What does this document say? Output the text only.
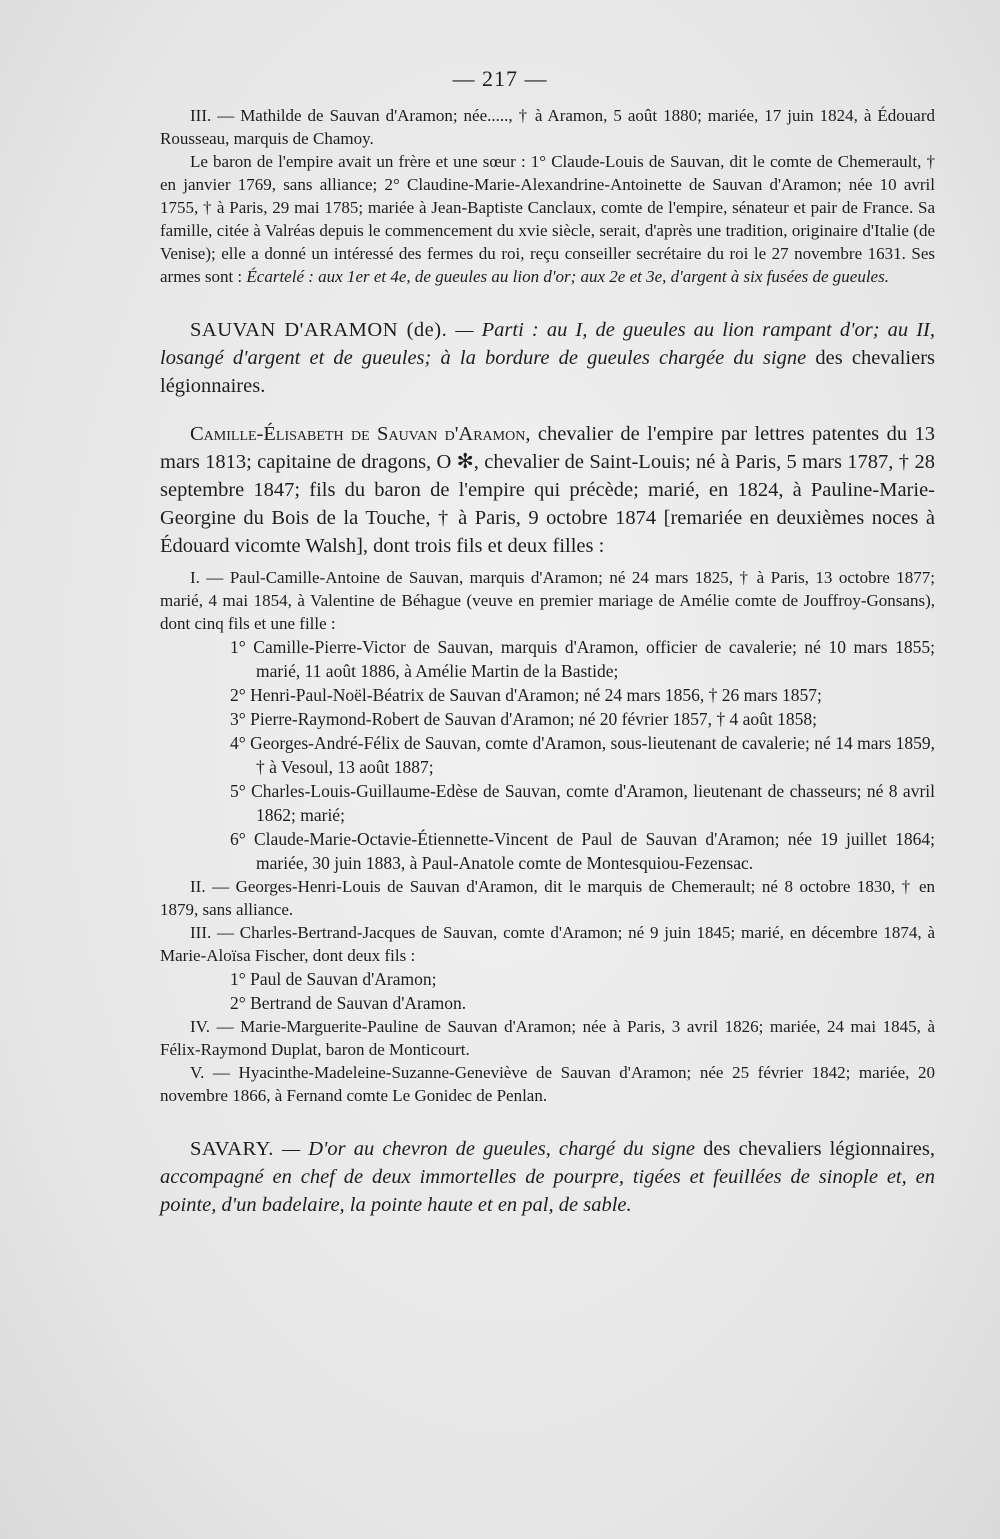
— 217 —

III. — Mathilde de Sauvan d'Aramon; née....., † à Aramon, 5 août 1880; mariée, 17 juin 1824, à Édouard Rousseau, marquis de Chamoy.

Le baron de l'empire avait un frère et une sœur : 1° Claude-Louis de Sauvan, dit le comte de Chemerault, † en janvier 1769, sans alliance; 2° Claudine-Marie-Alexandrine-Antoinette de Sauvan d'Aramon; née 10 avril 1755, † à Paris, 29 mai 1785; mariée à Jean-Baptiste Canclaux, comte de l'empire, sénateur et pair de France. Sa famille, citée à Valréas depuis le commencement du xvie siècle, serait, d'après une tradition, originaire d'Italie (de Venise); elle a donné un intéressé des fermes du roi, reçu conseiller secrétaire du roi le 27 novembre 1631. Ses armes sont : Écartelé : aux 1er et 4e, de gueules au lion d'or; aux 2e et 3e, d'argent à six fusées de gueules.

SAUVAN D'ARAMON (de). — Parti : au I, de gueules au lion rampant d'or; au II, losangé d'argent et de gueules; à la bordure de gueules chargée du signe des chevaliers légionnaires.

Camille-Élisabeth de Sauvan d'Aramon, chevalier de l'empire par lettres patentes du 13 mars 1813; capitaine de dragons, O ✻, chevalier de Saint-Louis; né à Paris, 5 mars 1787, † 28 septembre 1847; fils du baron de l'empire qui précède; marié, en 1824, à Pauline-Marie-Georgine du Bois de la Touche, † à Paris, 9 octobre 1874 [remariée en deuxièmes noces à Édouard vicomte Walsh], dont trois fils et deux filles :

I. — Paul-Camille-Antoine de Sauvan, marquis d'Aramon; né 24 mars 1825, † à Paris, 13 octobre 1877; marié, 4 mai 1854, à Valentine de Béhague (veuve en premier mariage de Amélie comte de Jouffroy-Gonsans), dont cinq fils et une fille :

1° Camille-Pierre-Victor de Sauvan, marquis d'Aramon, officier de cavalerie; né 10 mars 1855; marié, 11 août 1886, à Amélie Martin de la Bastide;

2° Henri-Paul-Noël-Béatrix de Sauvan d'Aramon; né 24 mars 1856, † 26 mars 1857;

3° Pierre-Raymond-Robert de Sauvan d'Aramon; né 20 février 1857, † 4 août 1858;

4° Georges-André-Félix de Sauvan, comte d'Aramon, sous-lieutenant de cavalerie; né 14 mars 1859, † à Vesoul, 13 août 1887;

5° Charles-Louis-Guillaume-Edèse de Sauvan, comte d'Aramon, lieutenant de chasseurs; né 8 avril 1862; marié;

6° Claude-Marie-Octavie-Étiennette-Vincent de Paul de Sauvan d'Aramon; née 19 juillet 1864; mariée, 30 juin 1883, à Paul-Anatole comte de Montesquiou-Fezensac.

II. — Georges-Henri-Louis de Sauvan d'Aramon, dit le marquis de Chemerault; né 8 octobre 1830, † en 1879, sans alliance.

III. — Charles-Bertrand-Jacques de Sauvan, comte d'Aramon; né 9 juin 1845; marié, en décembre 1874, à Marie-Aloïsa Fischer, dont deux fils :

1° Paul de Sauvan d'Aramon;

2° Bertrand de Sauvan d'Aramon.

IV. — Marie-Marguerite-Pauline de Sauvan d'Aramon; née à Paris, 3 avril 1826; mariée, 24 mai 1845, à Félix-Raymond Duplat, baron de Monticourt.

V. — Hyacinthe-Madeleine-Suzanne-Geneviève de Sauvan d'Aramon; née 25 février 1842; mariée, 20 novembre 1866, à Fernand comte Le Gonidec de Penlan.

SAVARY. — D'or au chevron de gueules, chargé du signe des chevaliers légionnaires, accompagné en chef de deux immortelles de pourpre, tigées et feuillées de sinople et, en pointe, d'un badelaire, la pointe haute et en pal, de sable.
